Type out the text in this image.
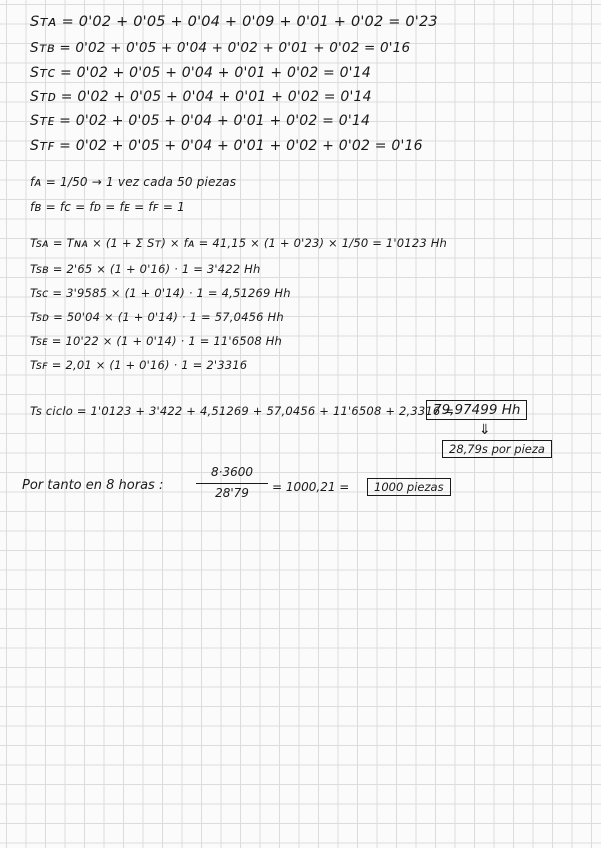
Sᴛᴀ = 0'02 + 0'05 + 0'04 + 0'09 + 0'01 + 0'02 = 0'23
Sᴛʙ = 0'02 + 0'05 + 0'04 + 0'02 + 0'01 + 0'02 = 0'16
Sᴛᴄ = 0'02 + 0'05 + 0'04 + 0'01 + 0'02 = 0'14
Sᴛᴅ = 0'02 + 0'05 + 0'04 + 0'01 + 0'02 = 0'14
Sᴛᴇ = 0'02 + 0'05 + 0'04 + 0'01 + 0'02 = 0'14
Sᴛꜰ = 0'02 + 0'05 + 0'04 + 0'01 + 0'02 + 0'02 = 0'16
fᴀ = 1/50 → 1 vez cada 50 piezas
fʙ = fᴄ = fᴅ = fᴇ = fꜰ = 1
Tsᴀ = Tɴᴀ × (1 + Σ Sᴛ) × fᴀ = 41,15 × (1 + 0'23) × 1/50 = 1'0123 Hh
Tsʙ = 2'65 × (1 + 0'16) · 1 = 3'422 Hh
Tsᴄ = 3'9585 × (1 + 0'14) · 1 = 4,51269 Hh
Tsᴅ = 50'04 × (1 + 0'14) · 1 = 57,0456 Hh
Tsᴇ = 10'22 × (1 + 0'14) · 1 = 11'6508 Hh
Tsꜰ = 2,01 × (1 + 0'16) · 1 = 2'3316
Ts ciclo = 1'0123 + 3'422 + 4,51269 + 57,0456 + 11'6508 + 2,3316 =
79,97499 Hh
⇓
28,79s por pieza
Por tanto en 8 horas :
8·3600
28'79	= 1000,21 =	1000 piezas
